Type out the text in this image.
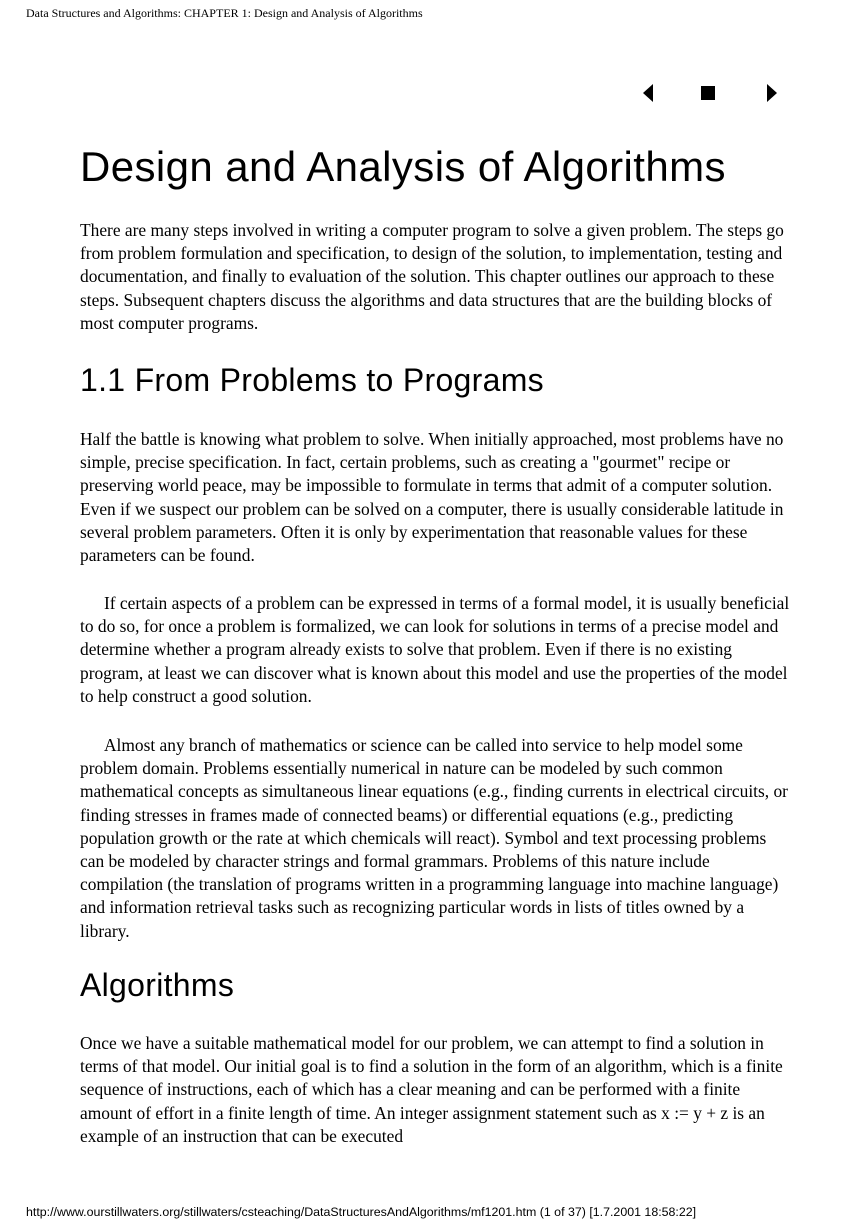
Data Structures and Algorithms: CHAPTER 1: Design and Analysis of Algorithms
Design and Analysis of Algorithms

There are many steps involved in writing a computer program to solve a given problem. The steps go from problem formulation and specification, to design of the solution, to implementation, testing and documentation, and finally to evaluation of the solution. This chapter outlines our approach to these steps. Subsequent chapters discuss the algorithms and data structures that are the building blocks of most computer programs.

1.1 From Problems to Programs

Half the battle is knowing what problem to solve. When initially approached, most problems have no simple, precise specification. In fact, certain problems, such as creating a "gourmet" recipe or preserving world peace, may be impossible to formulate in terms that admit of a computer solution. Even if we suspect our problem can be solved on a computer, there is usually considerable latitude in several problem parameters. Often it is only by experimentation that reasonable values for these parameters can be found.

If certain aspects of a problem can be expressed in terms of a formal model, it is usually beneficial to do so, for once a problem is formalized, we can look for solutions in terms of a precise model and determine whether a program already exists to solve that problem. Even if there is no existing program, at least we can discover what is known about this model and use the properties of the model to help construct a good solution.

Almost any branch of mathematics or science can be called into service to help model some problem domain. Problems essentially numerical in nature can be modeled by such common mathematical concepts as simultaneous linear equations (e.g., finding currents in electrical circuits, or finding stresses in frames made of connected beams) or differential equations (e.g., predicting population growth or the rate at which chemicals will react). Symbol and text processing problems can be modeled by character strings and formal grammars. Problems of this nature include compilation (the translation of programs written in a programming language into machine language) and information retrieval tasks such as recognizing particular words in lists of titles owned by a library.

Algorithms

Once we have a suitable mathematical model for our problem, we can attempt to find a solution in terms of that model. Our initial goal is to find a solution in the form of an algorithm, which is a finite sequence of instructions, each of which has a clear meaning and can be performed with a finite amount of effort in a finite length of time. An integer assignment statement such as x := y + z is an example of an instruction that can be executed

http://www.ourstillwaters.org/stillwaters/csteaching/DataStructuresAndAlgorithms/mf1201.htm (1 of 37) [1.7.2001 18:58:22]
